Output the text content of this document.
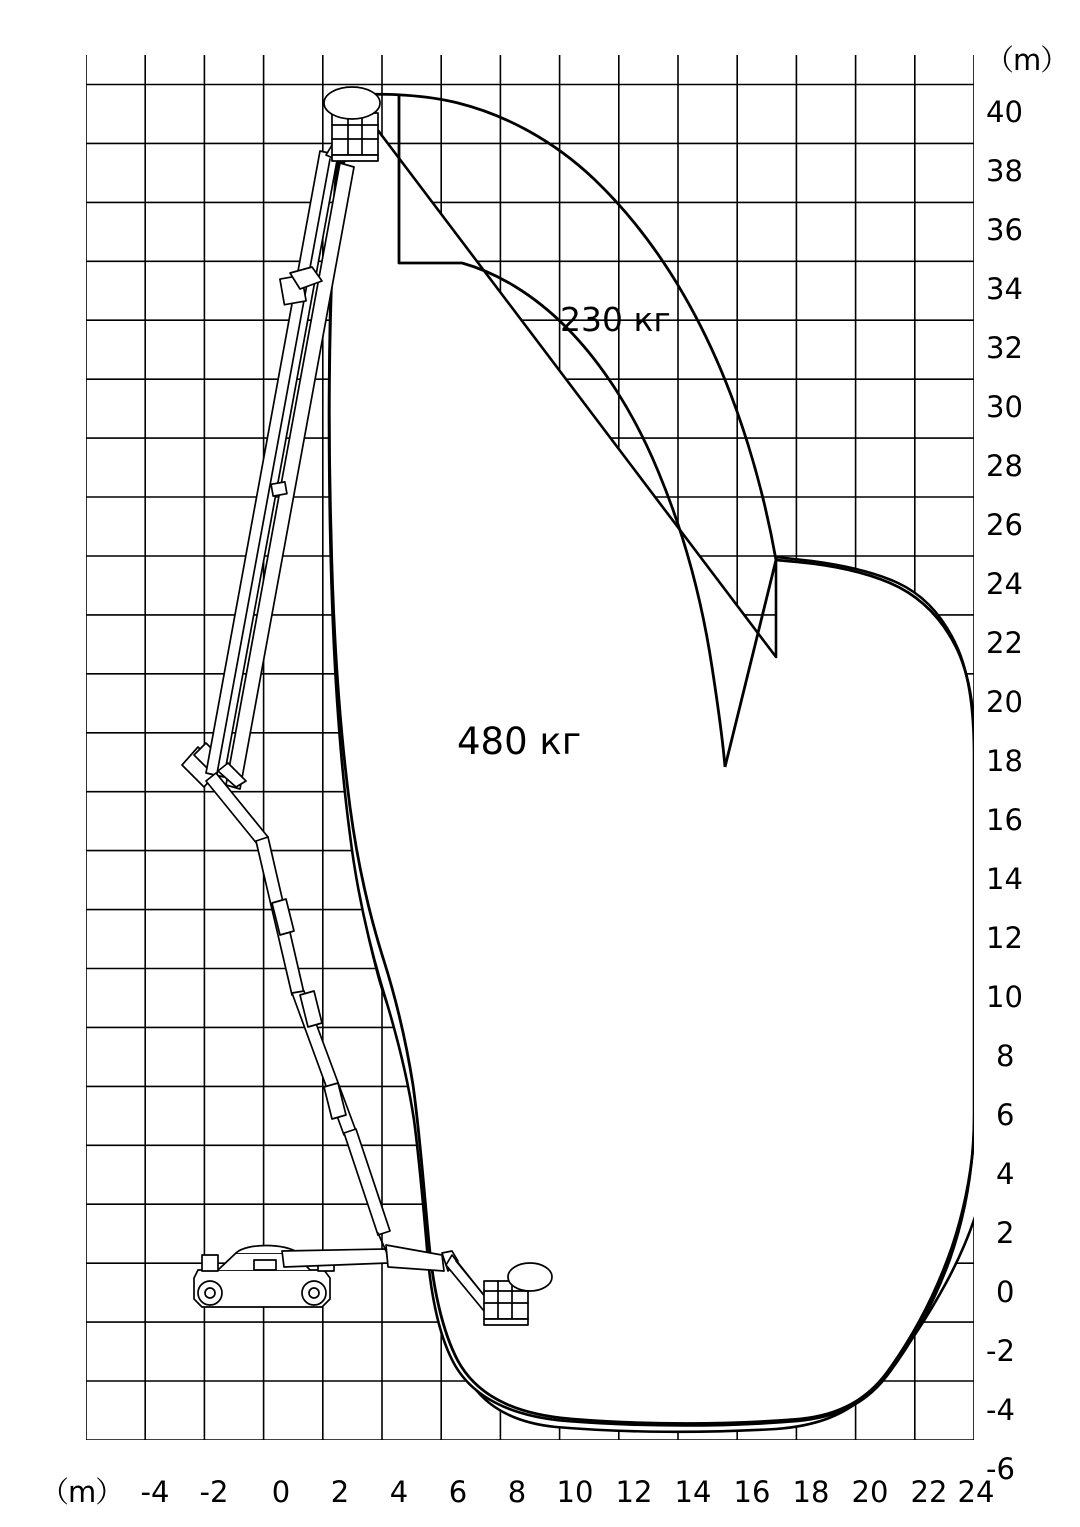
230 кг
480 кг
（m）
40
38
36
34
32
30
28
26
24
22
20
18
16
14
12
10
8
6
4
2
0
-2
-4
-6
（m） -4	-2	0	2	4	6	8	10 12 14 16 18 20 22 24
